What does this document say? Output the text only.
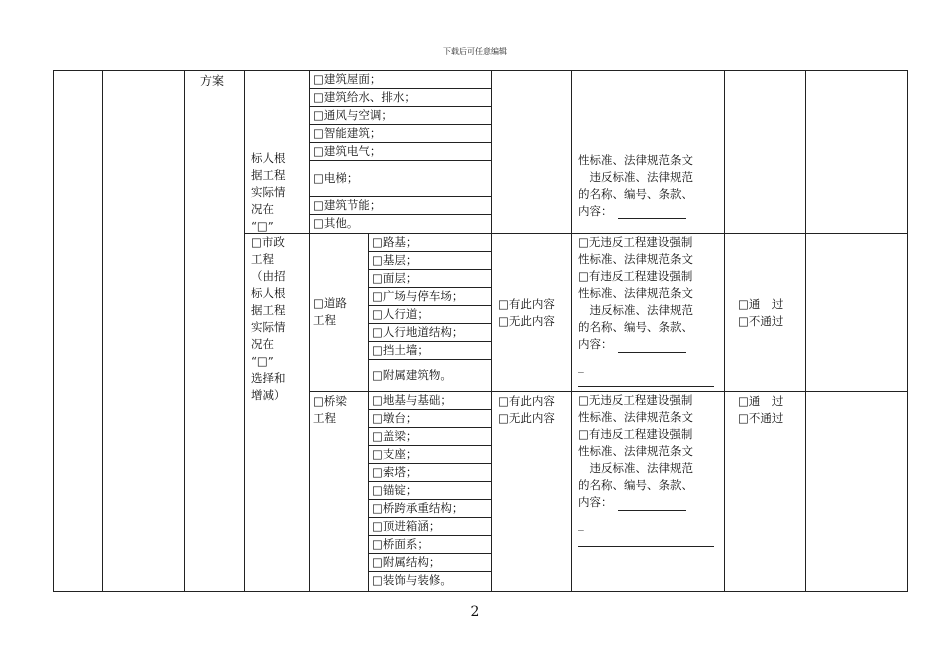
下载后可任意编辑
方案
标人根
据工程
实际情
况在
“□”
□市政
工程
（由招
标人根
据工程
实际情
况在
“□”
选择和
增减）
□建筑屋面；
□建筑给水、排水；
□通风与空调；
□智能建筑；
□建筑电气；
□电梯；
□建筑节能；
□其他。
性标准、法律规范条文
　违反标准、法律规范
的名称、编号、条款、
内容：
□道路
工程
□路基；
□基层；
□面层；
□广场与停车场；
□人行道；
□人行地道结构；
□挡土墙；
□附属建筑物。
□有此内容
□无此内容
□无违反工程建设强制
性标准、法律规范条文
□有违反工程建设强制
性标准、法律规范条文
　违反标准、法律规范
的名称、编号、条款、
内容：
_
□通　过
□不通过
□桥梁
工程
□地基与基础；
□墩台；
□盖梁；
□支座；
□索塔；
□锚锭；
□桥跨承重结构；
□顶进箱涵；
□桥面系；
□附属结构；
□装饰与装修。
□有此内容
□无此内容
□无违反工程建设强制
性标准、法律规范条文
□有违反工程建设强制
性标准、法律规范条文
　违反标准、法律规范
的名称、编号、条款、
内容：
_
□通　过
□不通过
2
